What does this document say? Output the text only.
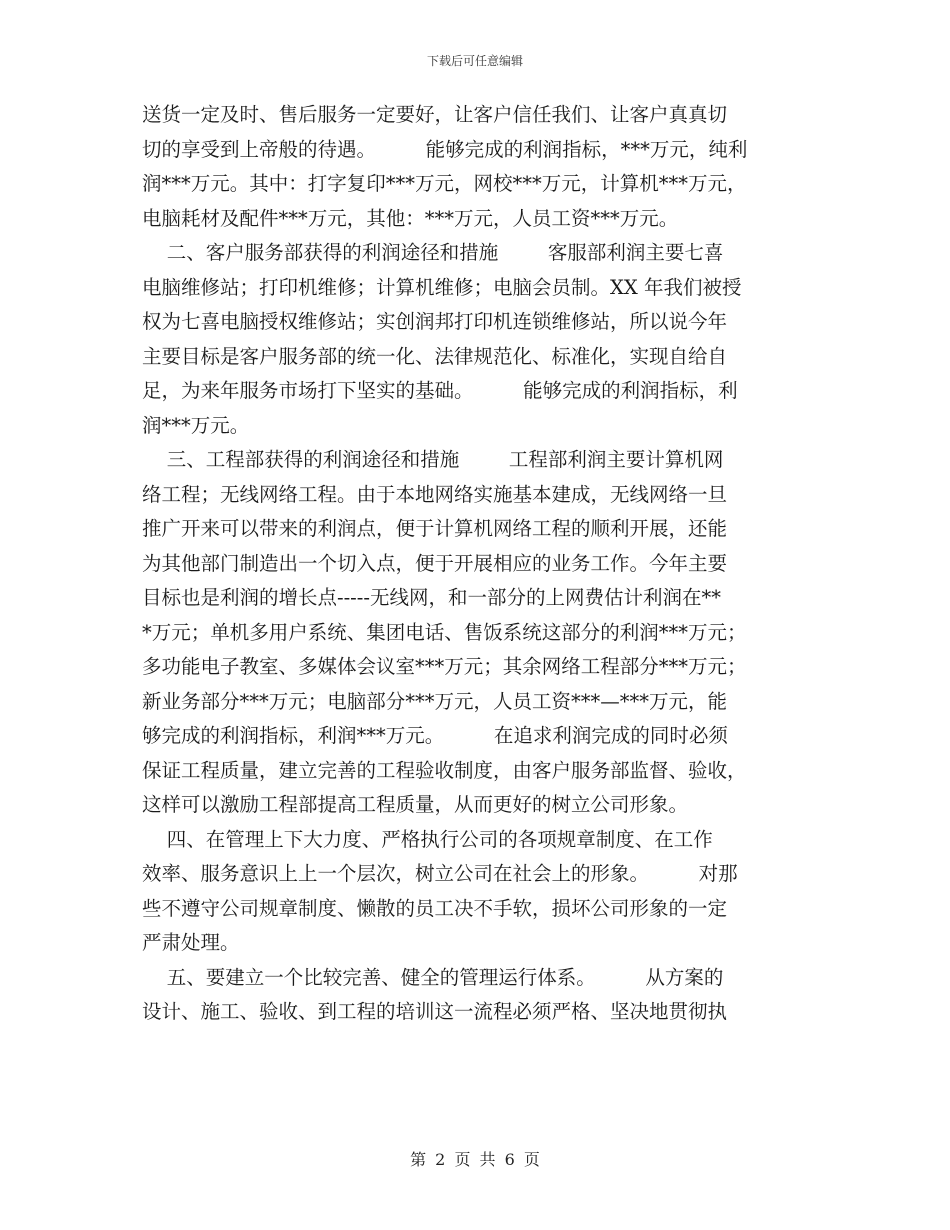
下载后可任意编辑
送货一定及时、售后服务一定要好，让客户信任我们、让客户真真切
切的享受到上帝般的待遇。        能够完成的利润指标，***万元，纯利
润***万元。其中：打字复印***万元，网校***万元，计算机***万元，
电脑耗材及配件***万元，其他：***万元，人员工资***万元。
二、客户服务部获得的利润途径和措施        客服部利润主要七喜
电脑维修站；打印机维修；计算机维修；电脑会员制。XX 年我们被授
权为七喜电脑授权维修站；实创润邦打印机连锁维修站，所以说今年
主要目标是客户服务部的统一化、法律规范化、标准化，实现自给自
足，为来年服务市场打下坚实的基础。        能够完成的利润指标，利
润***万元。
三、工程部获得的利润途径和措施        工程部利润主要计算机网
络工程；无线网络工程。由于本地网络实施基本建成，无线网络一旦
推广开来可以带来的利润点，便于计算机网络工程的顺利开展，还能
为其他部门制造出一个切入点，便于开展相应的业务工作。今年主要
目标也是利润的增长点-----无线网，和一部分的上网费估计利润在**
*万元；单机多用户系统、集团电话、售饭系统这部分的利润***万元；
多功能电子教室、多媒体会议室***万元；其余网络工程部分***万元；
新业务部分***万元；电脑部分***万元，人员工资***—***万元，能
够完成的利润指标，利润***万元。        在追求利润完成的同时必须
保证工程质量，建立完善的工程验收制度，由客户服务部监督、验收，
这样可以激励工程部提高工程质量，从而更好的树立公司形象。
四、在管理上下大力度、严格执行公司的各项规章制度、在工作
效率、服务意识上上一个层次，树立公司在社会上的形象。        对那
些不遵守公司规章制度、懒散的员工决不手软，损坏公司形象的一定
严肃处理。
五、要建立一个比较完善、健全的管理运行体系。        从方案的
设计、施工、验收、到工程的培训这一流程必须严格、坚决地贯彻执
第 2 页 共 6 页
